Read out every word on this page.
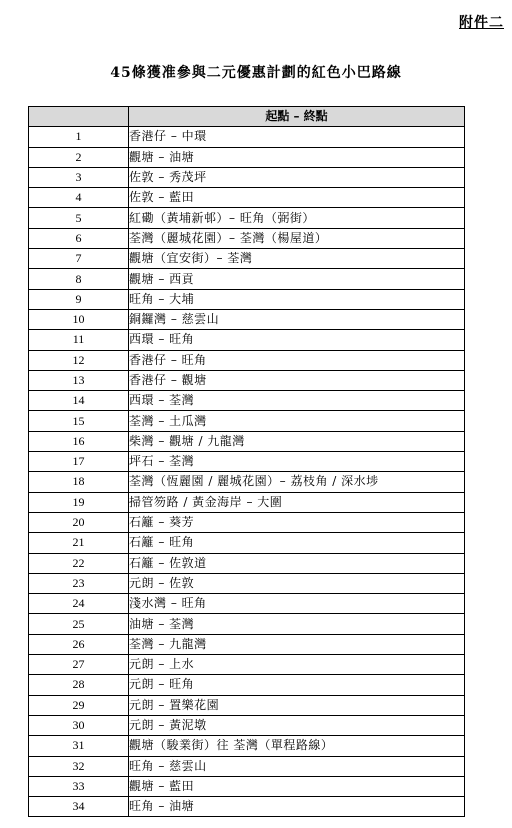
附件二
45條獲准參與二元優惠計劃的紅色小巴路線
	起點 – 終點
1	香港仔 – 中環
2	觀塘 – 油塘
3	佐敦 – 秀茂坪
4	佐敦 – 藍田
5	紅磡（黃埔新邨）– 旺角（弼街）
6	荃灣（麗城花園）– 荃灣（楊屋道）
7	觀塘（宜安街）– 荃灣
8	觀塘 – 西貢
9	旺角 – 大埔
10	銅鑼灣 – 慈雲山
11	西環 – 旺角
12	香港仔 – 旺角
13	香港仔 – 觀塘
14	西環 – 荃灣
15	荃灣 – 土瓜灣
16	柴灣 – 觀塘 / 九龍灣
17	坪石 – 荃灣
18	荃灣（恆麗園 / 麗城花園）– 荔枝角 / 深水埗
19	掃管笏路 / 黃金海岸 – 大圍
20	石籬 – 葵芳
21	石籬 – 旺角
22	石籬 – 佐敦道
23	元朗 – 佐敦
24	淺水灣 – 旺角
25	油塘 – 荃灣
26	荃灣 – 九龍灣
27	元朗 – 上水
28	元朗 – 旺角
29	元朗 – 置樂花園
30	元朗 – 黃泥墩
31	觀塘（駿業街）往 荃灣（單程路線）
32	旺角 – 慈雲山
33	觀塘 – 藍田
34	旺角 – 油塘
